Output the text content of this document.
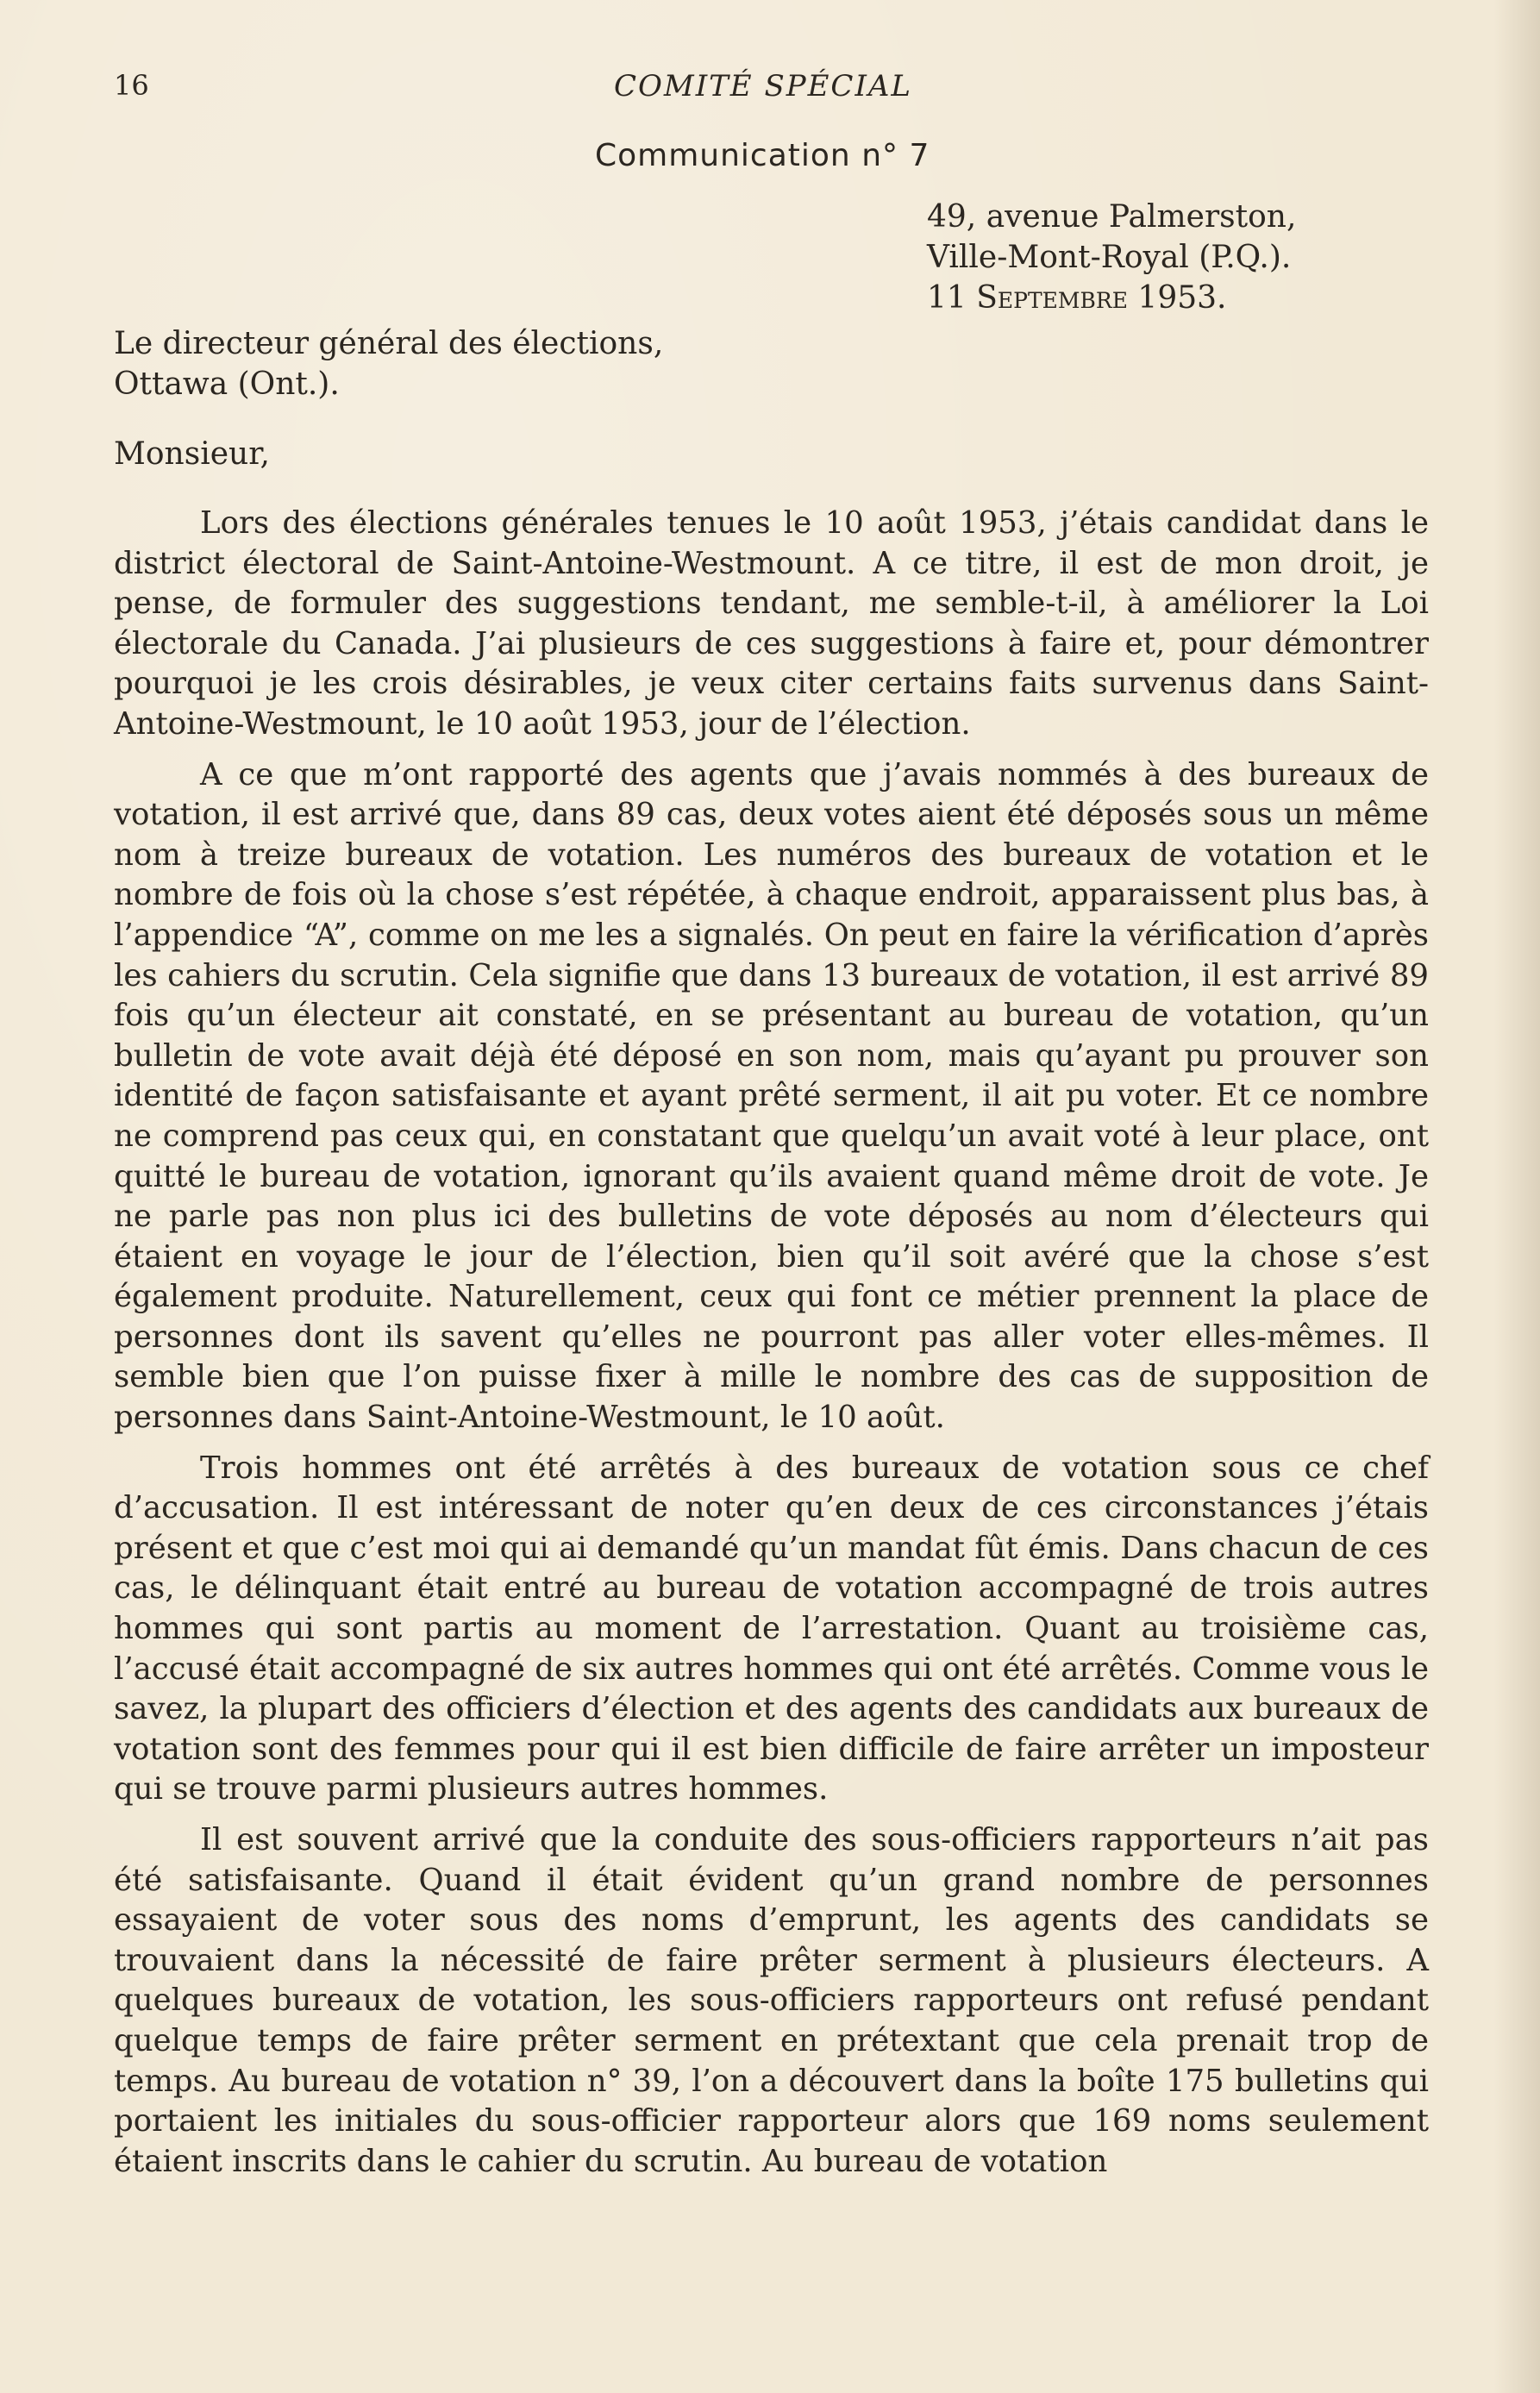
16	COMITÉ SPÉCIAL
Communication n° 7
49, avenue Palmerston,
Ville-Mont-Royal (P.Q.).
11 Septembre 1953.
Le directeur général des élections,
Ottawa (Ont.).
Monsieur,

Lors des élections générales tenues le 10 août 1953, j’étais candidat dans le district électoral de Saint-Antoine-Westmount. A ce titre, il est de mon droit, je pense, de formuler des suggestions tendant, me semble-t-il, à améliorer la Loi électorale du Canada. J’ai plusieurs de ces suggestions à faire et, pour démontrer pourquoi je les crois désirables, je veux citer certains faits survenus dans Saint-Antoine-Westmount, le 10 août 1953, jour de l’élection.

A ce que m’ont rapporté des agents que j’avais nommés à des bureaux de votation, il est arrivé que, dans 89 cas, deux votes aient été déposés sous un même nom à treize bureaux de votation. Les numéros des bureaux de votation et le nombre de fois où la chose s’est répétée, à chaque endroit, apparaissent plus bas, à l’appendice “A”, comme on me les a signalés. On peut en faire la vérification d’après les cahiers du scrutin. Cela signifie que dans 13 bureaux de votation, il est arrivé 89 fois qu’un électeur ait constaté, en se présentant au bureau de votation, qu’un bulletin de vote avait déjà été déposé en son nom, mais qu’ayant pu prouver son identité de façon satisfaisante et ayant prêté serment, il ait pu voter. Et ce nombre ne comprend pas ceux qui, en constatant que quelqu’un avait voté à leur place, ont quitté le bureau de votation, ignorant qu’ils avaient quand même droit de vote. Je ne parle pas non plus ici des bulletins de vote déposés au nom d’électeurs qui étaient en voyage le jour de l’élection, bien qu’il soit avéré que la chose s’est également produite. Naturellement, ceux qui font ce métier prennent la place de personnes dont ils savent qu’elles ne pourront pas aller voter elles-mêmes. Il semble bien que l’on puisse fixer à mille le nombre des cas de supposition de personnes dans Saint-Antoine-Westmount, le 10 août.

Trois hommes ont été arrêtés à des bureaux de votation sous ce chef d’accusation. Il est intéressant de noter qu’en deux de ces circonstances j’étais présent et que c’est moi qui ai demandé qu’un mandat fût émis. Dans chacun de ces cas, le délinquant était entré au bureau de votation accompagné de trois autres hommes qui sont partis au moment de l’arrestation. Quant au troisième cas, l’accusé était accompagné de six autres hommes qui ont été arrêtés. Comme vous le savez, la plupart des officiers d’élection et des agents des candidats aux bureaux de votation sont des femmes pour qui il est bien difficile de faire arrêter un imposteur qui se trouve parmi plusieurs autres hommes.

Il est souvent arrivé que la conduite des sous-officiers rapporteurs n’ait pas été satisfaisante. Quand il était évident qu’un grand nombre de personnes essayaient de voter sous des noms d’emprunt, les agents des candidats se trouvaient dans la nécessité de faire prêter serment à plusieurs électeurs. A quelques bureaux de votation, les sous-officiers rapporteurs ont refusé pendant quelque temps de faire prêter serment en prétextant que cela prenait trop de temps. Au bureau de votation n° 39, l’on a découvert dans la boîte 175 bulletins qui portaient les initiales du sous-officier rapporteur alors que 169 noms seulement étaient inscrits dans le cahier du scrutin. Au bureau de votation
